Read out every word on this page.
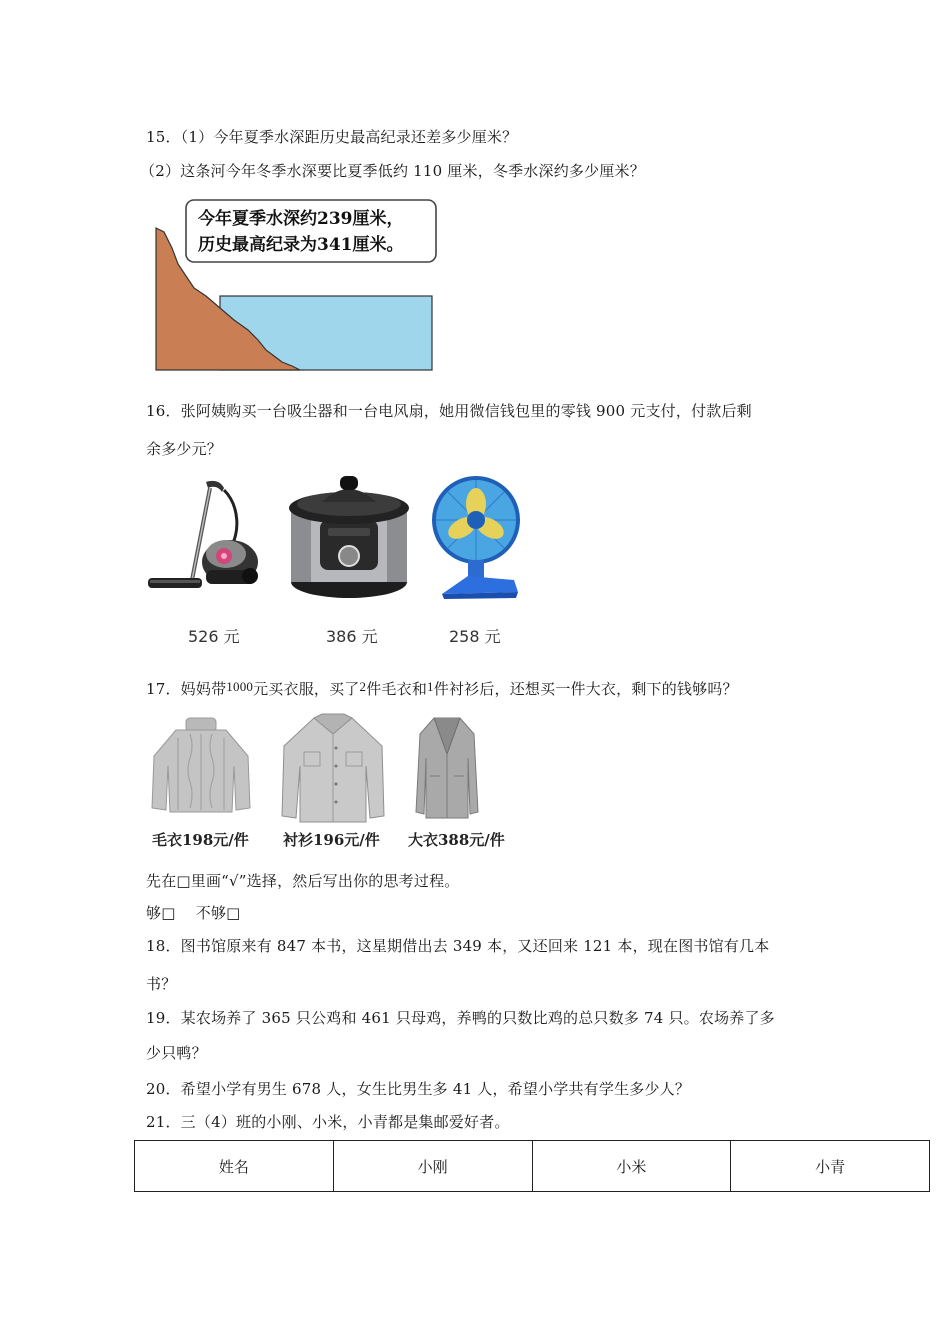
15．（1）今年夏季水深距历史最高纪录还差多少厘米？
（2）这条河今年冬季水深要比夏季低约 110 厘米，冬季水深约多少厘米？
今年夏季水深约239厘米，
历史最高纪录为341厘米。
16．张阿姨购买一台吸尘器和一台电风扇，她用微信钱包里的零钱 900 元支付，付款后剩
余多少元？
526 元	386 元	258 元
17．妈妈带1000元买衣服，买了2件毛衣和1件衬衫后，还想买一件大衣，剩下的钱够吗？
毛衣198元/件 衬衫196元/件 大衣388元/件
先在□里画“√”选择，然后写出你的思考过程。
够□　 不够□
18．图书馆原来有 847 本书，这星期借出去 349 本，又还回来 121 本，现在图书馆有几本
书？
19．某农场养了 365 只公鸡和 461 只母鸡，养鸭的只数比鸡的总只数多 74 只。农场养了多
少只鸭？
20．希望小学有男生 678 人，女生比男生多 41 人，希望小学共有学生多少人？
21．三（4）班的小刚、小米，小青都是集邮爱好者。
姓名	小刚	小米	小青
